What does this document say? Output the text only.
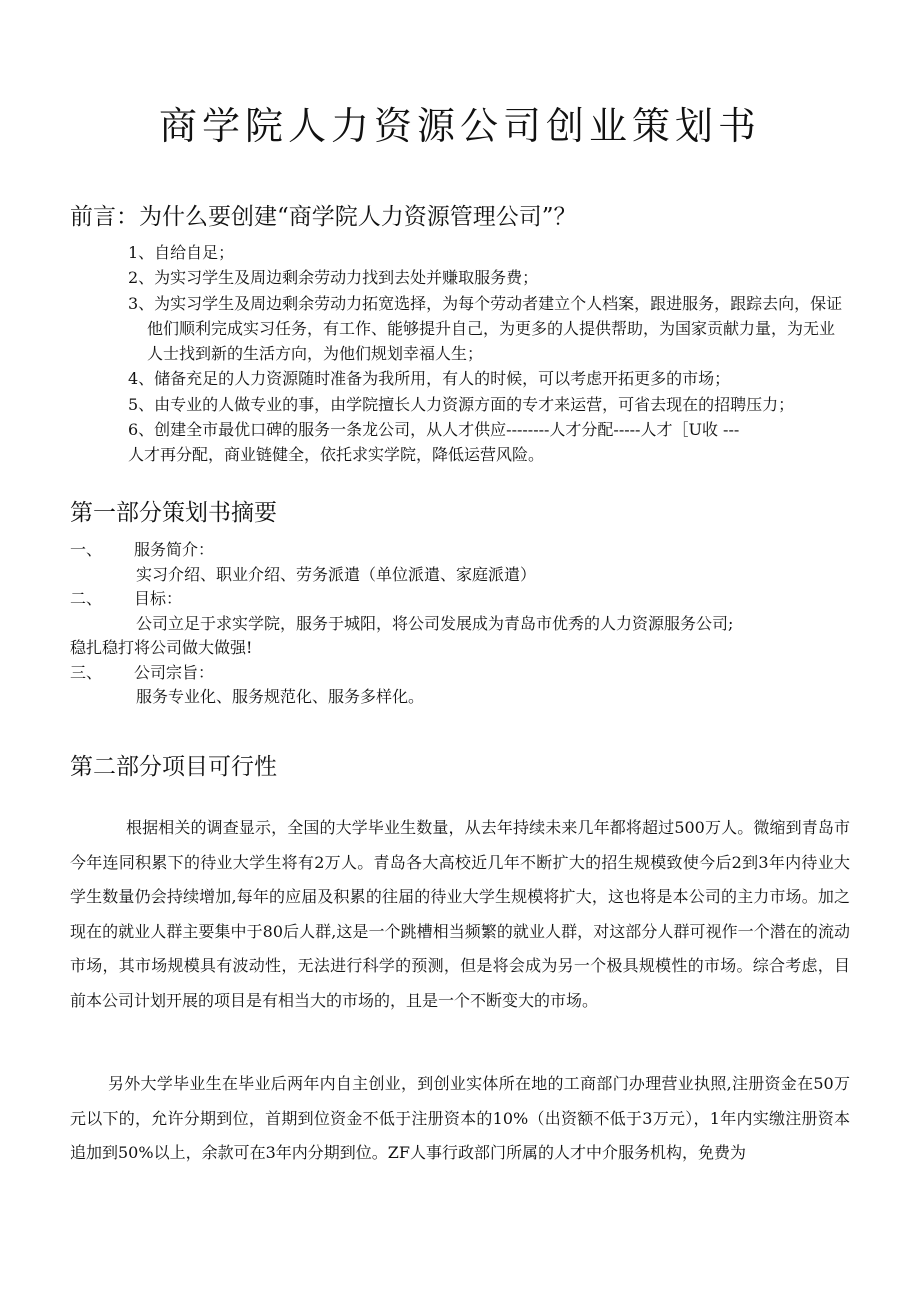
商学院人力资源公司创业策划书
前言：为什么要创建“商学院人力资源管理公司”？
1、自给自足；
2、为实习学生及周边剩余劳动力找到去处并赚取服务费；
3、为实习学生及周边剩余劳动力拓宽选择，为每个劳动者建立个人档案，跟进服务，跟踪去向，保证他们顺利完成实习任务，有工作、能够提升自己，为更多的人提供帮助，为国家贡献力量，为无业人士找到新的生活方向，为他们规划幸福人生；
4、储备充足的人力资源随时准备为我所用，有人的时候，可以考虑开拓更多的市场；
5、由专业的人做专业的事，由学院擅长人力资源方面的专才来运营，可省去现在的招聘压力；
6、创建全市最优口碑的服务一条龙公司，从人才供应--------人才分配-----人才［U收 ---
人才再分配，商业链健全，依托求实学院，降低运营风险。
第一部分策划书摘要
一、 服务简介：
实习介绍、职业介绍、劳务派遣（单位派遣、家庭派遣）
二、 目标：
公司立足于求实学院，服务于城阳，将公司发展成为青岛市优秀的人力资源服务公司;
稳扎稳打将公司做大做强!
三、 公司宗旨：
服务专业化、服务规范化、服务多样化。
第二部分项目可行性

根据相关的调查显示，全国的大学毕业生数量，从去年持续未来几年都将超过500万人。微缩到青岛市今年连同积累下的待业大学生将有2万人。青岛各大高校近几年不断扩大的招生规模致使今后2到3年内待业大学生数量仍会持续增加,每年的应届及积累的往届的待业大学生规模将扩大，这也将是本公司的主力市场。加之现在的就业人群主要集中于80后人群,这是一个跳槽相当频繁的就业人群，对这部分人群可视作一个潜在的流动市场，其市场规模具有波动性，无法进行科学的预测，但是将会成为另一个极具规模性的市场。综合考虑，目前本公司计划开展的项目是有相当大的市场的，且是一个不断变大的市场。

另外大学毕业生在毕业后两年内自主创业，到创业实体所在地的工商部门办理营业执照,注册资金在50万元以下的，允许分期到位，首期到位资金不低于注册资本的10%（出资额不低于3万元），1年内实缴注册资本追加到50%以上，余款可在3年内分期到位。ZF人事行政部门所属的人才中介服务机构，免费为
